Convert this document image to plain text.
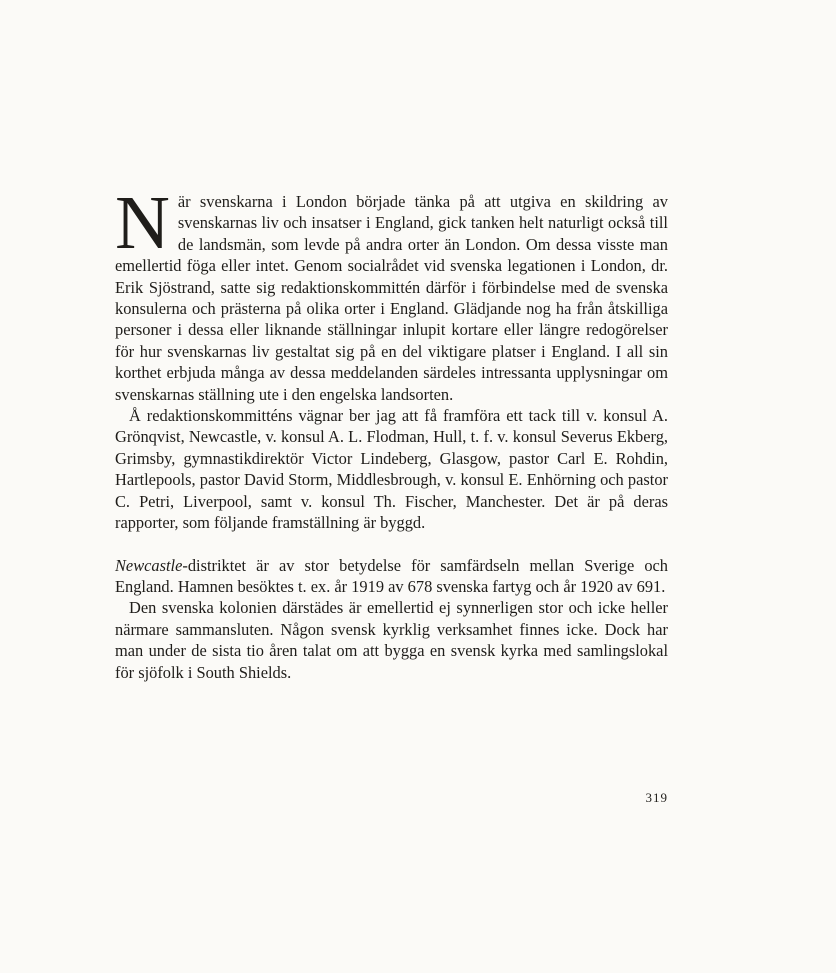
När svenskarna i London började tänka på att utgiva en skildring av svenskarnas liv och insatser i England, gick tanken helt naturligt också till de landsmän, som levde på andra orter än London. Om dessa visste man emellertid föga eller intet. Genom socialrådet vid svenska legationen i London, dr. Erik Sjöstrand, satte sig redaktionskommittén därför i förbindelse med de svenska konsulerna och prästerna på olika orter i England. Glädjande nog ha från åtskilliga personer i dessa eller liknande ställningar inlupit kortare eller längre redogörelser för hur svenskarnas liv gestaltat sig på en del viktigare platser i England. I all sin korthet erbjuda många av dessa meddelanden särdeles intressanta upplysningar om svenskarnas ställning ute i den engelska landsorten.

Å redaktionskommitténs vägnar ber jag att få framföra ett tack till v. konsul A. Grönqvist, Newcastle, v. konsul A. L. Flodman, Hull, t. f. v. konsul Severus Ekberg, Grimsby, gymnastikdirektör Victor Lindeberg, Glasgow, pastor Carl E. Rohdin, Hartlepools, pastor David Storm, Middlesbrough, v. konsul E. Enhörning och pastor C. Petri, Liverpool, samt v. konsul Th. Fischer, Manchester. Det är på deras rapporter, som följande framställning är byggd.

Newcastle-distriktet är av stor betydelse för samfärdseln mellan Sverige och England. Hamnen besöktes t. ex. år 1919 av 678 svenska fartyg och år 1920 av 691.

Den svenska kolonien därstädes är emellertid ej synnerligen stor och icke heller närmare sammansluten. Någon svensk kyrklig verksamhet finnes icke. Dock har man under de sista tio åren talat om att bygga en svensk kyrka med samlingslokal för sjöfolk i South Shields.

319
